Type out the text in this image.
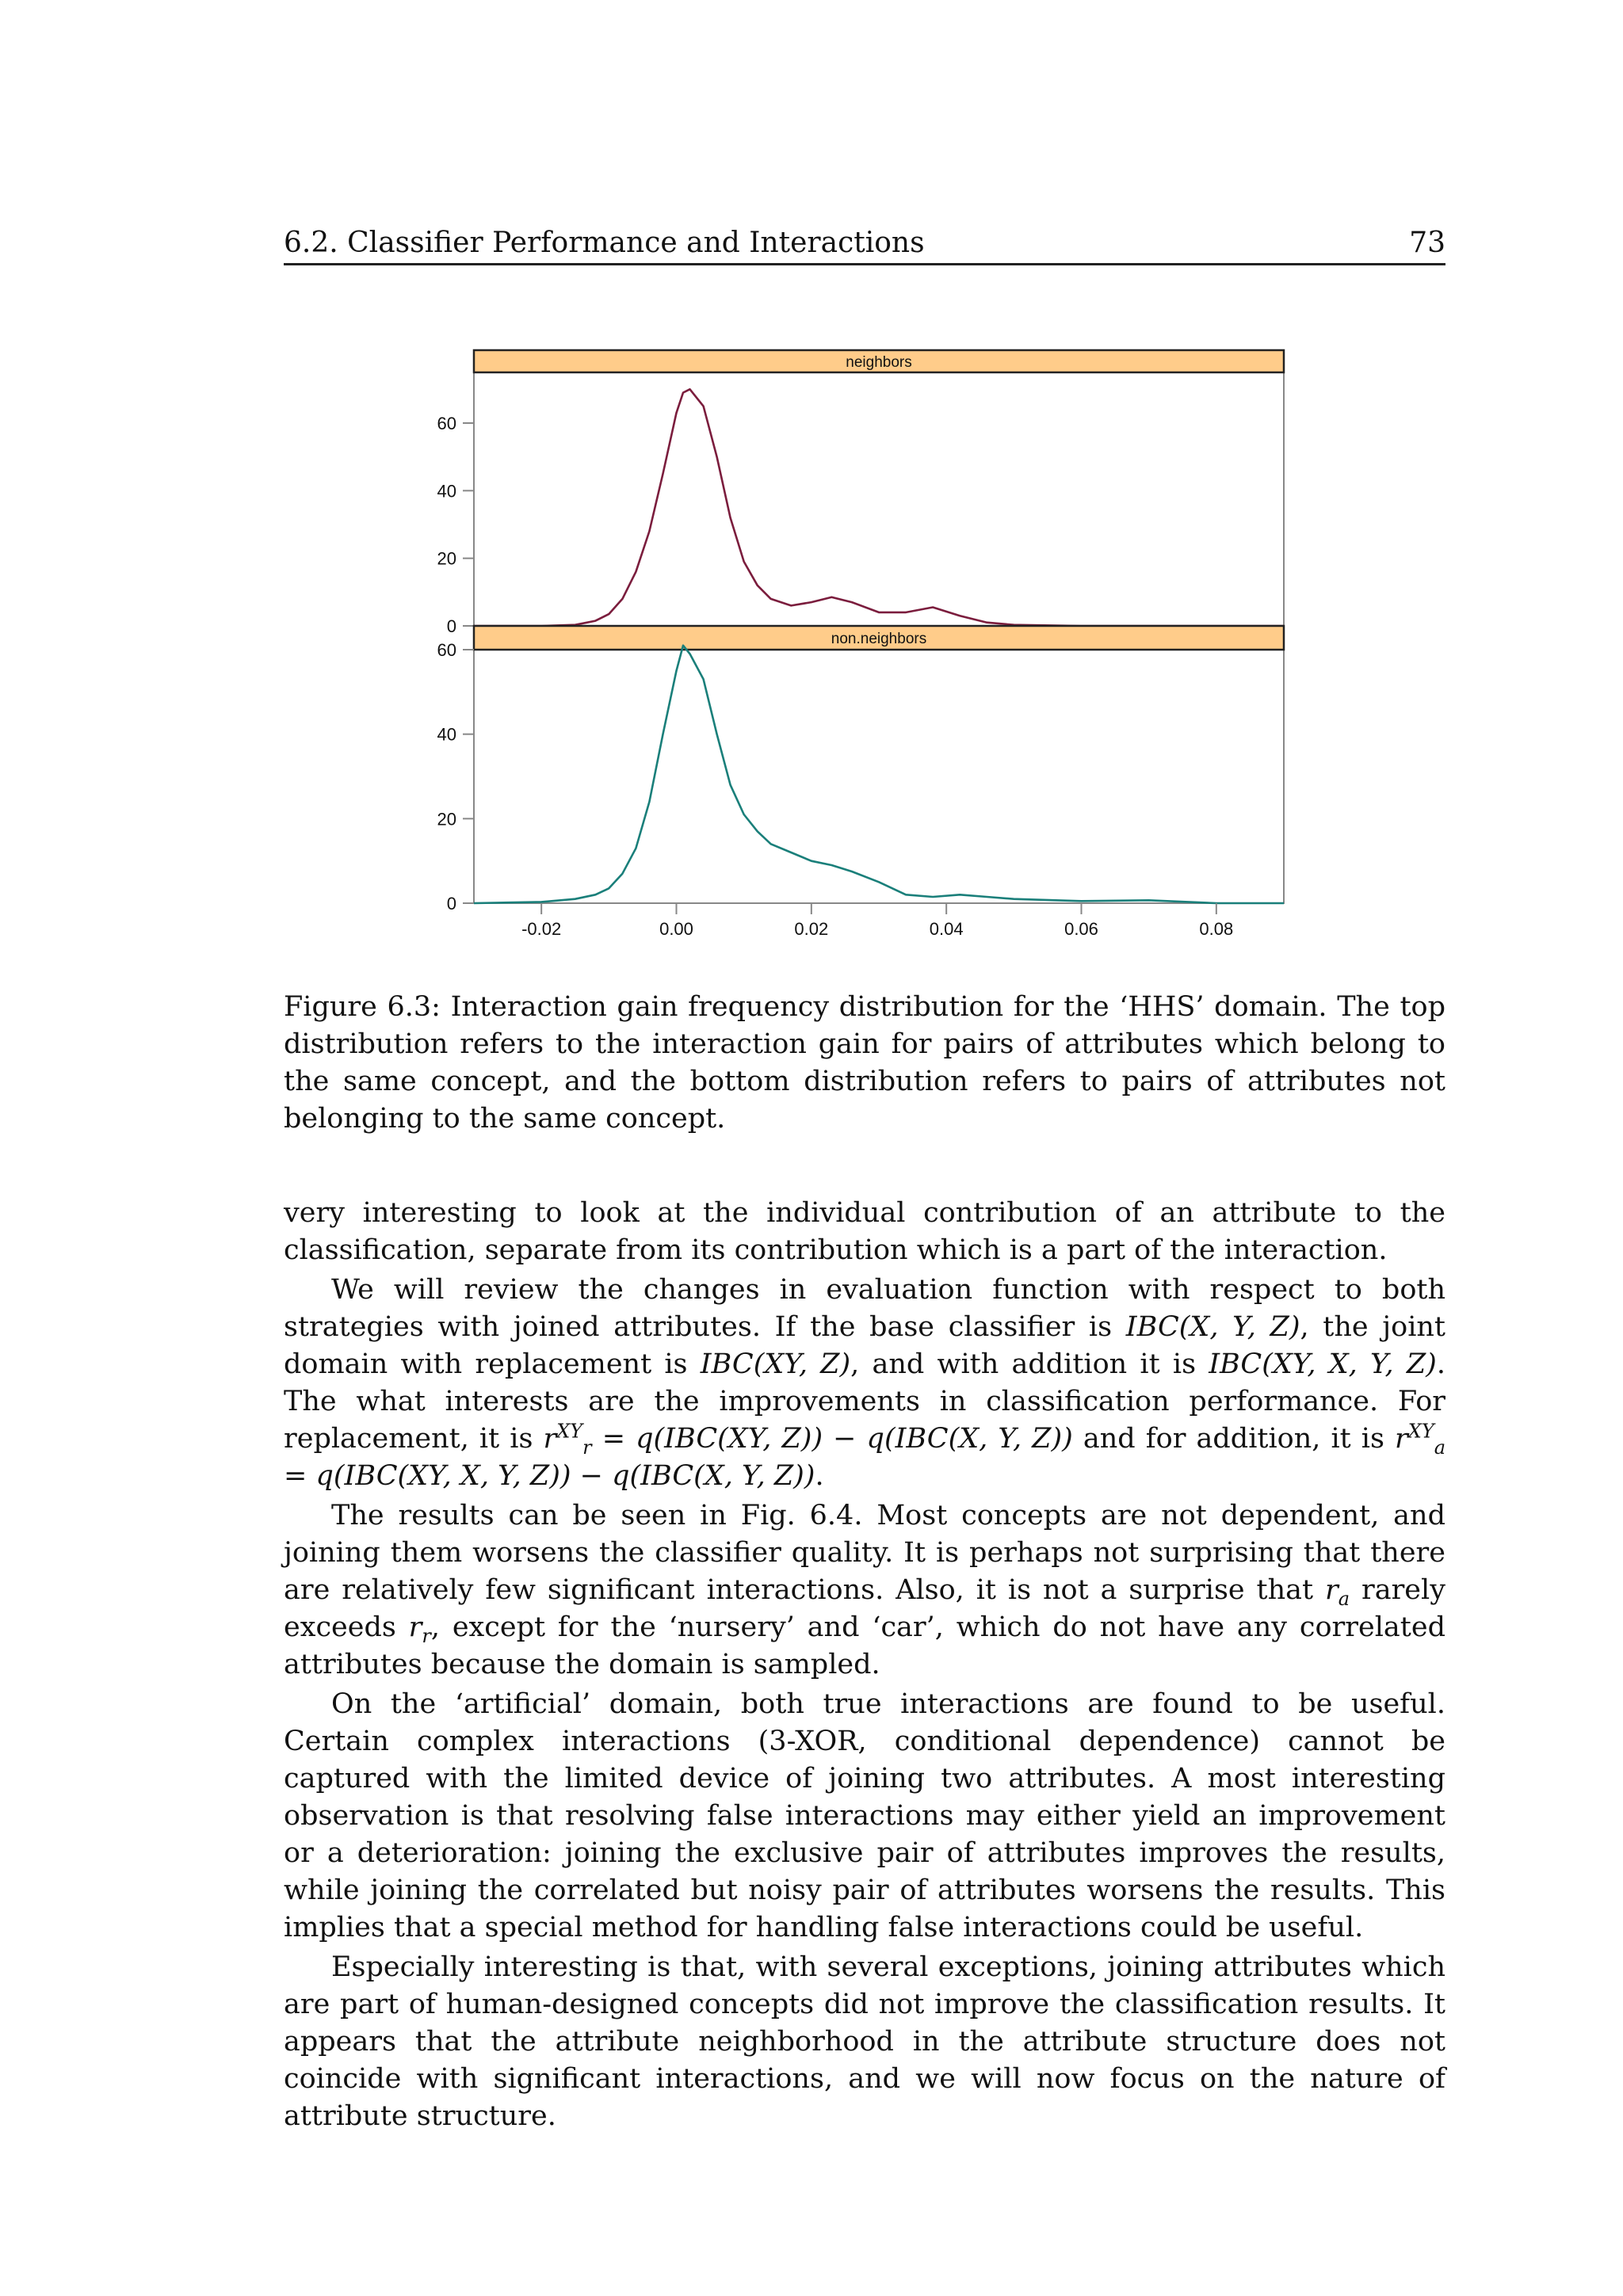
6.2. Classifier Performance and Interactions	73
neighbors
0
20
40
60
non.neighbors
0
20
40
60
-0.02	0.00	0.02	0.04	0.06	0.08
Figure 6.3: Interaction gain frequency distribution for the ‘HHS’ domain. The top distribution refers to the interaction gain for pairs of attributes which belong to the same concept, and the bottom distribution refers to pairs of attributes not belonging to the same concept.

very interesting to look at the individual contribution of an attribute to the classification, separate from its contribution which is a part of the interaction.

We will review the changes in evaluation function with respect to both strategies with joined attributes. If the base classifier is IBC(X, Y, Z), the joint domain with replacement is IBC(XY, Z), and with addition it is IBC(XY, X, Y, Z). The what interests are the improvements in classification performance. For replacement, it is $r^{XY}_r = q(IBC(XY$, Z)) − q(IBC(X, Y, Z)) and for addition, it is $r^{XY}_a = q(IBC(XY$, X, Y, Z)) − q(IBC(X, Y, Z)).

The results can be seen in Fig. 6.4. Most concepts are not dependent, and joining them worsens the classifier quality. It is perhaps not surprising that there are relatively few significant interactions. Also, it is not a surprise that $r_a$ rarely exceeds $r_r$, except for the ‘nursery’ and ‘car’, which do not have any correlated attributes because the domain is sampled.

On the ‘artificial’ domain, both true interactions are found to be useful. Certain complex interactions (3-XOR, conditional dependence) cannot be captured with the limited device of joining two attributes. A most interesting observation is that resolving false interactions may either yield an improvement or a deterioration: joining the exclusive pair of attributes improves the results, while joining the correlated but noisy pair of attributes worsens the results. This implies that a special method for handling false interactions could be useful.

Especially interesting is that, with several exceptions, joining attributes which are part of human-designed concepts did not improve the classification results. It appears that the attribute neighborhood in the attribute structure does not coincide with significant interactions, and we will now focus on the nature of attribute structure.
